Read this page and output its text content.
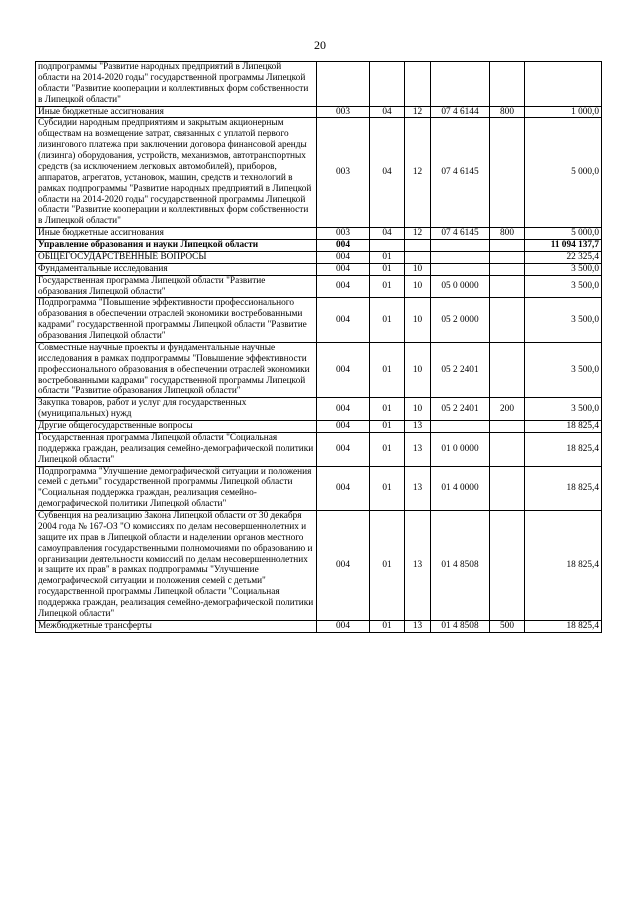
20
подпрограммы "Развитие народных предприятий в Липецкой области на 2014-2020 годы" государственной программы Липецкой области "Развитие кооперации и коллективных форм собственности в Липецкой области"						
Иные бюджетные ассигнования	003	04	12	07 4 6144	800	1 000,0
Субсидии народным предприятиям и закрытым акционерным обществам на возмещение затрат, связанных с уплатой первого лизингового платежа при заключении договора финансовой аренды (лизинга) оборудования, устройств, механизмов, автотранспортных средств (за исключением легковых автомобилей), приборов, аппаратов, агрегатов, установок, машин, средств и технологий в рамках подпрограммы "Развитие народных предприятий в Липецкой области на 2014-2020 годы" государственной программы Липецкой области "Развитие кооперации и коллективных форм собственности в Липецкой области"	003	04	12	07 4 6145		5 000,0
Иные бюджетные ассигнования	003	04	12	07 4 6145	800	5 000,0
Управление образования и науки Липецкой области	004					11 094 137,7
ОБЩЕГОСУДАРСТВЕННЫЕ ВОПРОСЫ	004	01				22 325,4
Фундаментальные исследования	004	01	10			3 500,0
Государственная программа Липецкой области "Развитие образования Липецкой области"	004	01	10	05 0 0000		3 500,0
Подпрограмма "Повышение эффективности профессионального образования в обеспечении отраслей экономики востребованными кадрами" государственной программы Липецкой области "Развитие образования Липецкой области"	004	01	10	05 2 0000		3 500,0
Совместные научные проекты и фундаментальные научные исследования в рамках подпрограммы "Повышение эффективности профессионального образования в обеспечении отраслей экономики востребованными кадрами" государственной программы Липецкой области "Развитие образования Липецкой области"	004	01	10	05 2 2401		3 500,0
Закупка товаров, работ и услуг для государственных (муниципальных) нужд	004	01	10	05 2 2401	200	3 500,0
Другие общегосударственные вопросы	004	01	13			18 825,4
Государственная программа Липецкой области "Социальная поддержка граждан, реализация семейно-демографической политики Липецкой области"	004	01	13	01 0 0000		18 825,4
Подпрограмма "Улучшение демографической ситуации и положения семей с детьми" государственной программы Липецкой области "Социальная поддержка граждан, реализация семейно-демографической политики Липецкой области"	004	01	13	01 4 0000		18 825,4
Субвенция на реализацию Закона Липецкой области от 30 декабря 2004 года № 167-ОЗ "О комиссиях по делам несовершеннолетних и защите их прав в Липецкой области и наделении органов местного самоуправления государственными полномочиями по образованию и организации деятельности комиссий по делам несовершеннолетних и защите их прав" в рамках подпрограммы "Улучшение демографической ситуации и положения семей с детьми" государственной программы Липецкой области "Социальная поддержка граждан, реализация семейно-демографической политики Липецкой области"	004	01	13	01 4 8508		18 825,4
Межбюджетные трансферты	004	01	13	01 4 8508	500	18 825,4
